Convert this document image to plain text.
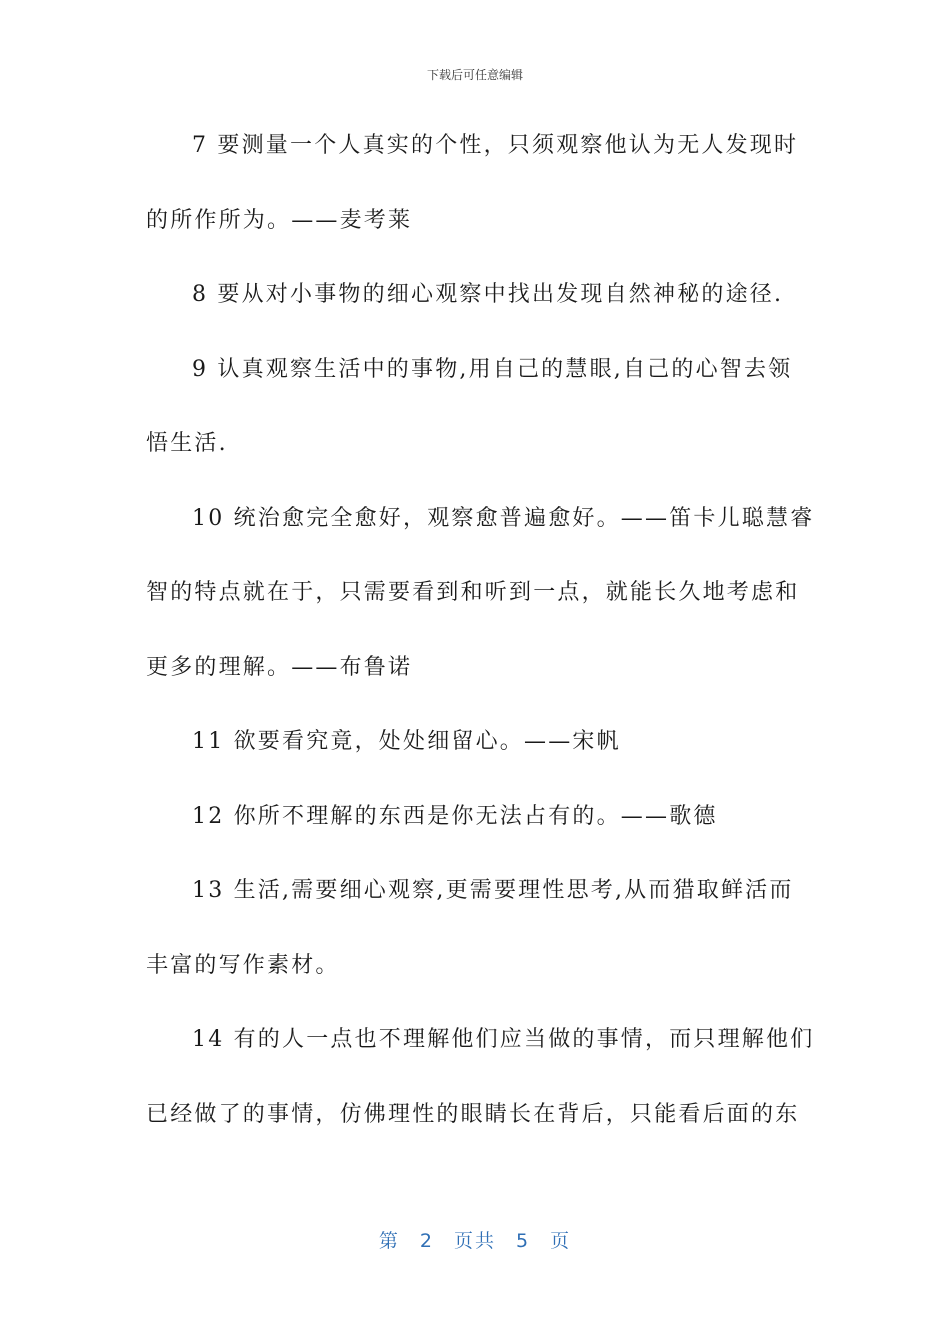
下载后可任意编辑
7 要测量一个人真实的个性，只须观察他认为无人发现时
的所作所为。——麦考莱
8 要从对小事物的细心观察中找出发现自然神秘的途径.
9 认真观察生活中的事物,用自己的慧眼,自己的心智去领
悟生活.
10 统治愈完全愈好，观察愈普遍愈好。——笛卡儿聪慧睿
智的特点就在于，只需要看到和听到一点，就能长久地考虑和
更多的理解。——布鲁诺
11 欲要看究竟，处处细留心。——宋帆
12 你所不理解的东西是你无法占有的。——歌德
13 生活,需要细心观察,更需要理性思考,从而猎取鲜活而
丰富的写作素材。
14 有的人一点也不理解他们应当做的事情，而只理解他们
已经做了的事情，仿佛理性的眼睛长在背后，只能看后面的东
第 2 页共 5 页
